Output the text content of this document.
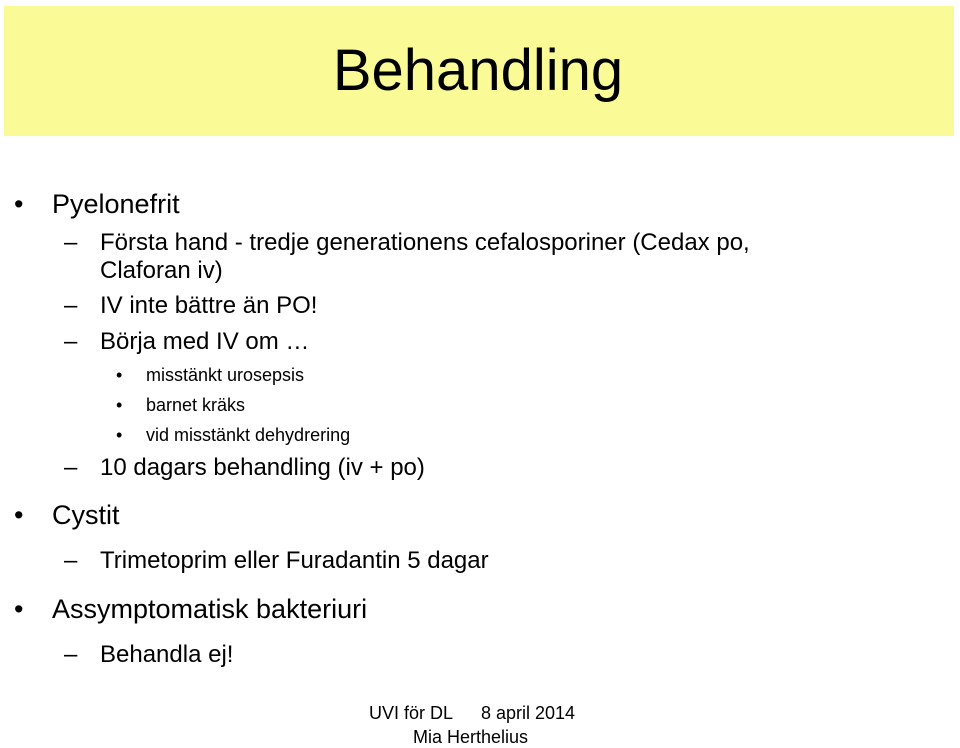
Behandling
• Pyelonefrit
– Första hand - tredje generationens cefalosporiner (Cedax po,
Claforan iv)
– IV inte bättre än PO!
– Börja med IV om …
• misstänkt urosepsis
• barnet kräks
• vid misstänkt dehydrering
– 10 dagars behandling (iv + po)
• Cystit
– Trimetoprim eller Furadantin 5 dagar
• Assymptomatisk bakteriuri
– Behandla ej!
UVI för DL 8 april 2014
Mia Herthelius
